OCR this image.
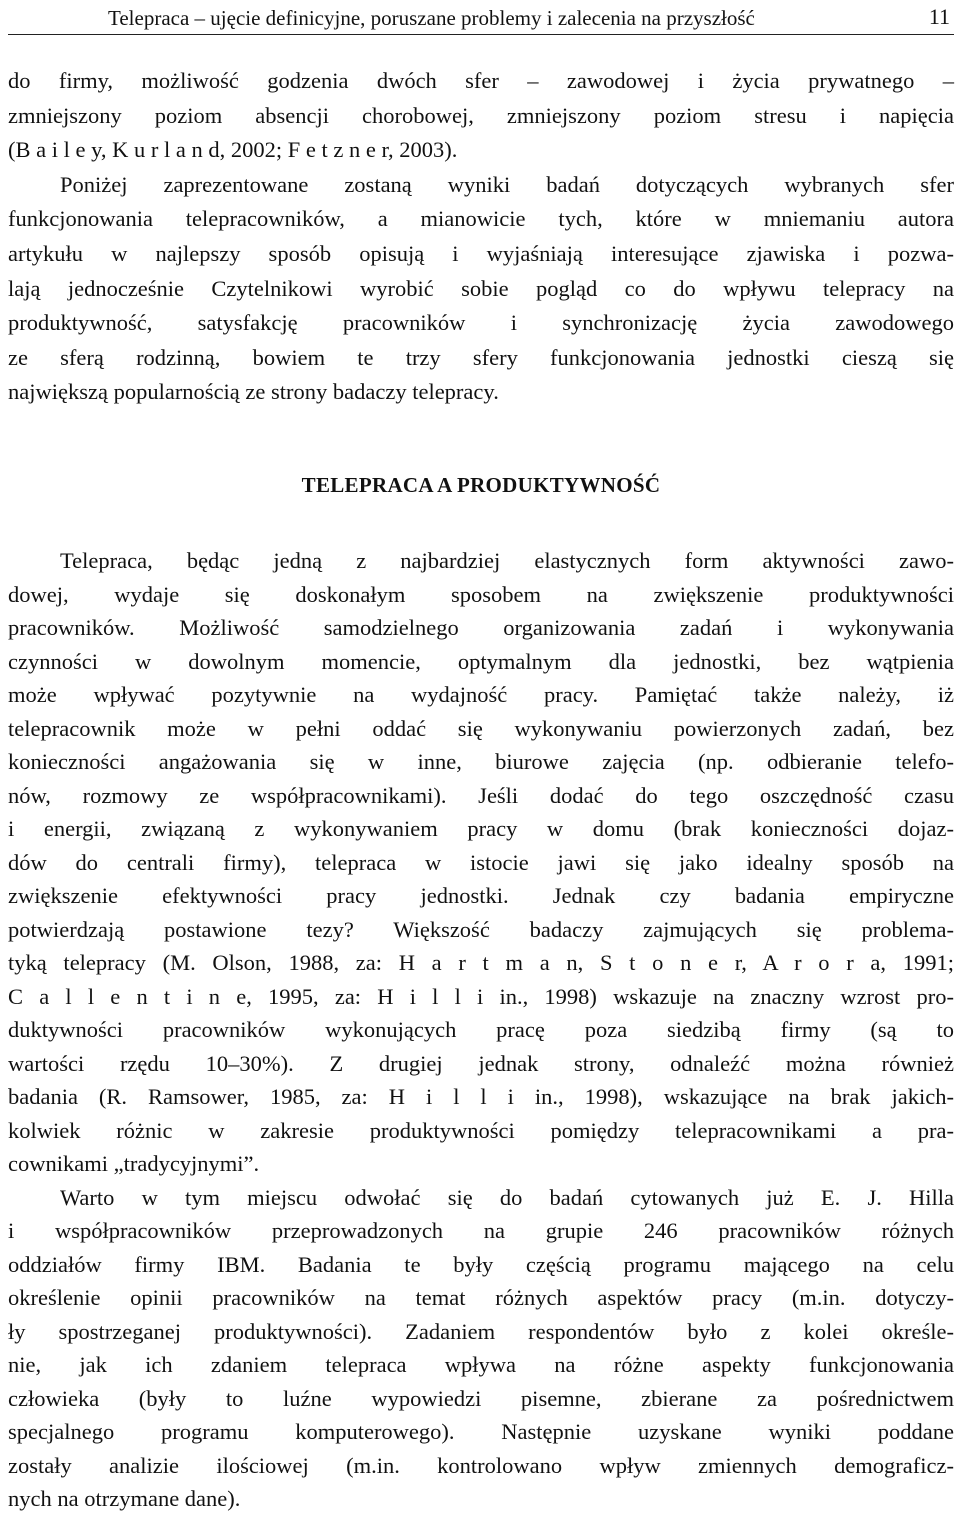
Telepraca – ujęcie definicyjne, poruszane problemy i zalecenia na przyszłość	11
do firmy, możliwość godzenia dwóch sfer – zawodowej i życia prywatnego –
zmniejszony poziom absencji chorobowej, zmniejszony poziom stresu i napięcia
(B a i l e y, K u r l a n d, 2002; F e t z n e r, 2003).
Poniżej zaprezentowane zostaną wyniki badań dotyczących wybranych sfer
funkcjonowania telepracowników, a mianowicie tych, które w mniemaniu autora
artykułu w najlepszy sposób opisują i wyjaśniają interesujące zjawiska i pozwa-
lają jednocześnie Czytelnikowi wyrobić sobie pogląd co do wpływu telepracy na
produktywność, satysfakcję pracowników i synchronizację życia zawodowego
ze sferą rodzinną, bowiem te trzy sfery funkcjonowania jednostki cieszą się
największą popularnością ze strony badaczy telepracy.
TELEPRACA A PRODUKTYWNOŚĆ
Telepraca, będąc jedną z najbardziej elastycznych form aktywności zawo-
dowej, wydaje się doskonałym sposobem na zwiększenie produktywności
pracowników. Możliwość samodzielnego organizowania zadań i wykonywania
czynności w dowolnym momencie, optymalnym dla jednostki, bez wątpienia
może wpływać pozytywnie na wydajność pracy. Pamiętać także należy, iż
telepracownik może w pełni oddać się wykonywaniu powierzonych zadań, bez
konieczności angażowania się w inne, biurowe zajęcia (np. odbieranie telefo-
nów, rozmowy ze współpracownikami). Jeśli dodać do tego oszczędność czasu
i energii, związaną z wykonywaniem pracy w domu (brak konieczności dojaz-
dów do centrali firmy), telepraca w istocie jawi się jako idealny sposób na
zwiększenie efektywności pracy jednostki. Jednak czy badania empiryczne
potwierdzają postawione tezy? Większość badaczy zajmujących się problema-
tyką telepracy (M. Olson, 1988, za: H a r t m a n, S t o n e r, A r o r a, 1991;
C a l l e n t i n e, 1995, za: H i l l i in., 1998) wskazuje na znaczny wzrost pro-
duktywności pracowników wykonujących pracę poza siedzibą firmy (są to
wartości rzędu 10–30%). Z drugiej jednak strony, odnaleźć można również
badania (R. Ramsower, 1985, za: H i l l i in., 1998), wskazujące na brak jakich-
kolwiek różnic w zakresie produktywności pomiędzy telepracownikami a pra-
cownikami „tradycyjnymi”.
Warto w tym miejscu odwołać się do badań cytowanych już E. J. Hilla
i współpracowników przeprowadzonych na grupie 246 pracowników różnych
oddziałów firmy IBM. Badania te były częścią programu mającego na celu
określenie opinii pracowników na temat różnych aspektów pracy (m.in. dotyczy-
ły spostrzeganej produktywności). Zadaniem respondentów było z kolei określe-
nie, jak ich zdaniem telepraca wpływa na różne aspekty funkcjonowania
człowieka (były to luźne wypowiedzi pisemne, zbierane za pośrednictwem
specjalnego programu komputerowego). Następnie uzyskane wyniki poddane
zostały analizie ilościowej (m.in. kontrolowano wpływ zmiennych demograficz-
nych na otrzymane dane).
